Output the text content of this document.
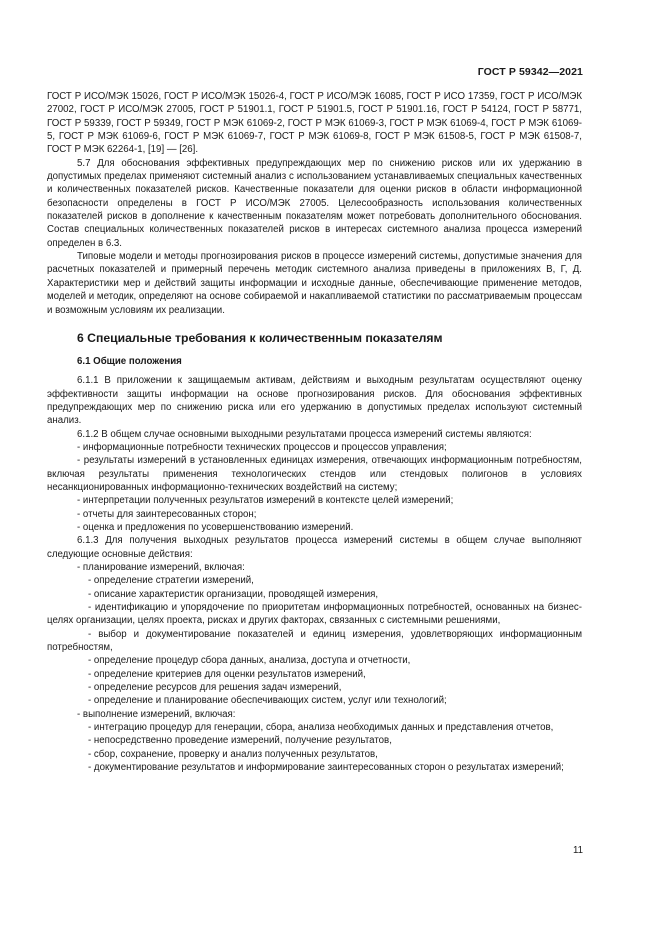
ГОСТ Р 59342—2021

ГОСТ Р ИСО/МЭК 15026, ГОСТ Р ИСО/МЭК 15026-4, ГОСТ Р ИСО/МЭК 16085, ГОСТ Р ИСО 17359, ГОСТ Р ИСО/МЭК 27002, ГОСТ Р ИСО/МЭК 27005, ГОСТ Р 51901.1, ГОСТ Р 51901.5, ГОСТ Р 51901.16, ГОСТ Р 54124, ГОСТ Р 58771, ГОСТ Р 59339, ГОСТ Р 59349, ГОСТ Р МЭК 61069-2, ГОСТ Р МЭК 61069-3, ГОСТ Р МЭК 61069-4, ГОСТ Р МЭК 61069-5, ГОСТ Р МЭК 61069-6, ГОСТ Р МЭК 61069-7, ГОСТ Р МЭК 61069-8, ГОСТ Р МЭК 61508-5, ГОСТ Р МЭК 61508-7, ГОСТ Р МЭК 62264-1, [19] — [26].

5.7 Для обоснования эффективных предупреждающих мер по снижению рисков или их удержанию в допустимых пределах применяют системный анализ с использованием устанавливаемых специальных качественных и количественных показателей рисков. Качественные показатели для оценки рисков в области информационной безопасности определены в ГОСТ Р ИСО/МЭК 27005. Целесообразность использования количественных показателей рисков в дополнение к качественным показателям может потребовать дополнительного обоснования. Состав специальных количественных показателей рисков в интересах системного анализа процесса измерений определен в 6.3.

Типовые модели и методы прогнозирования рисков в процессе измерений системы, допустимые значения для расчетных показателей и примерный перечень методик системного анализа приведены в приложениях В, Г, Д. Характеристики мер и действий защиты информации и исходные данные, обеспечивающие применение методов, моделей и методик, определяют на основе собираемой и накапливаемой статистики по рассматриваемым процессам и возможным условиям их реализации.

6 Специальные требования к количественным показателям
6.1 Общие положения

6.1.1 В приложении к защищаемым активам, действиям и выходным результатам осуществляют оценку эффективности защиты информации на основе прогнозирования рисков. Для обоснования эффективных предупреждающих мер по снижению риска или его удержанию в допустимых пределах используют системный анализ.

6.1.2 В общем случае основными выходными результатами процесса измерений системы являются:

- информационные потребности технических процессов и процессов управления;

- результаты измерений в установленных единицах измерения, отвечающих информационным потребностям, включая результаты применения технологических стендов или стендовых полигонов в условиях несанкционированных информационно-технических воздействий на систему;

- интерпретации полученных результатов измерений в контексте целей измерений;

- отчеты для заинтересованных сторон;

- оценка и предложения по усовершенствованию измерений.

6.1.3 Для получения выходных результатов процесса измерений системы в общем случае выполняют следующие основные действия:

- планирование измерений, включая:

- определение стратегии измерений,

- описание характеристик организации, проводящей измерения,

- идентификацию и упорядочение по приоритетам информационных потребностей, основанных на бизнес-целях организации, целях проекта, рисках и других факторах, связанных с системными решениями,

- выбор и документирование показателей и единиц измерения, удовлетворяющих информационным потребностям,

- определение процедур сбора данных, анализа, доступа и отчетности,

- определение критериев для оценки результатов измерений,

- определение ресурсов для решения задач измерений,

- определение и планирование обеспечивающих систем, услуг или технологий;

- выполнение измерений, включая:

- интеграцию процедур для генерации, сбора, анализа необходимых данных и представления отчетов,

- непосредственно проведение измерений, получение результатов,

- сбор, сохранение, проверку и анализ полученных результатов,

- документирование результатов и информирование заинтересованных сторон о результатах измерений;

11
